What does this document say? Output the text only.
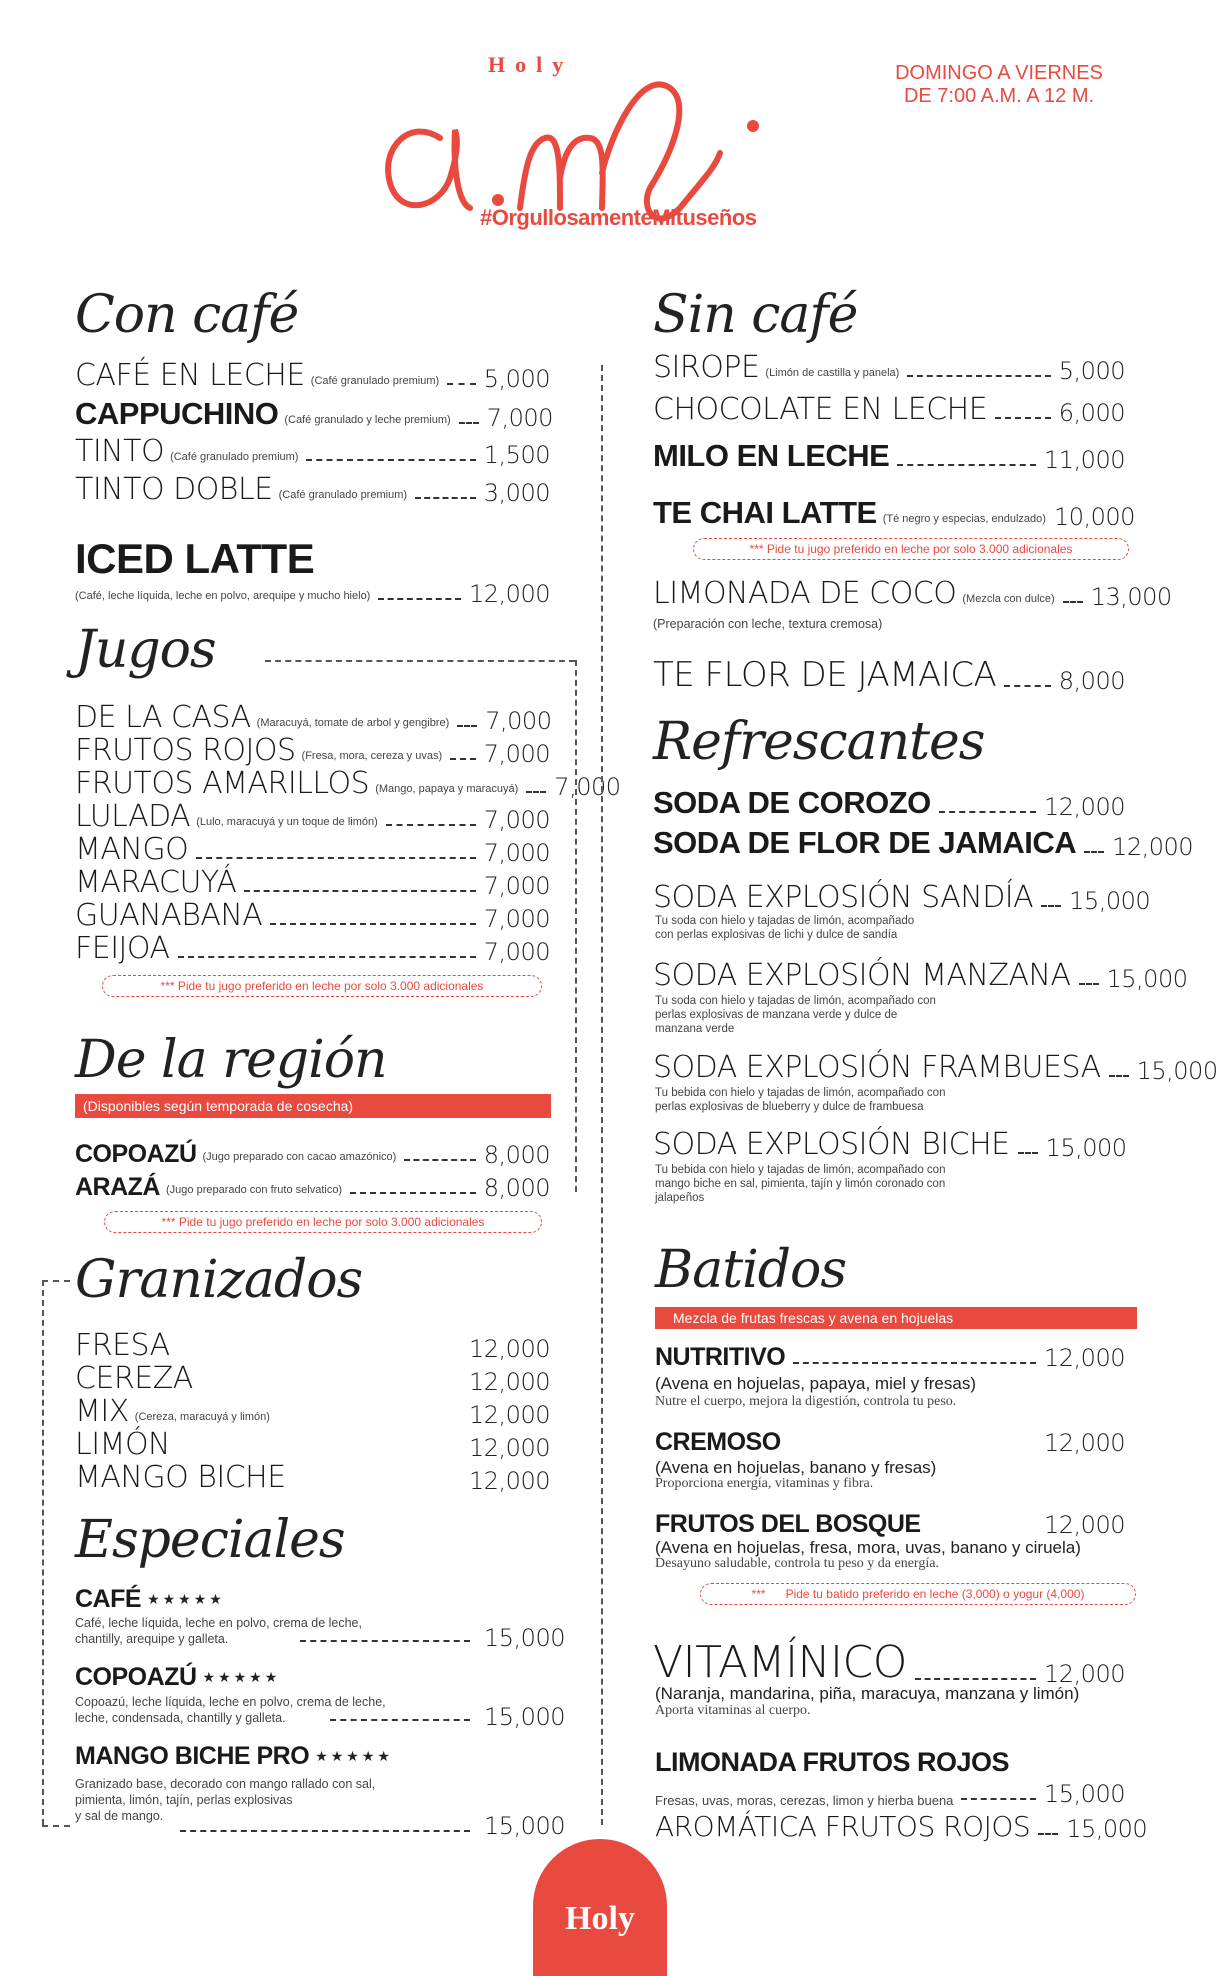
Holy
#OrgullosamenteMituseños
DOMINGO A VIERNES
DE 7:00 A.M. A 12 M.
Con café
CAFÉ EN LECHE (Café granulado premium) 5,000
CAPPUCHINO (Café granulado y leche premium) 7,000
TINTO (Café granulado premium)	1,500
TINTO DOBLE (Café granulado premium)	3,000
ICED LATTE
(Café, leche líquida, leche en polvo, arequipe y mucho hielo)	12,000
Jugos
DE LA CASA (Maracuyá, tomate de arbol y gengibre) 7,000
FRUTOS ROJOS (Fresa, mora, cereza y uvas) 7,000
FRUTOS AMARILLOS (Mango, papaya y maracuyá) 7,000
LULADA (Lulo, maracuyá y un toque de limón)	7,000
MANGO	7,000
MARACUYÁ	7,000
GUANABANA	7,000
FEIJOA	7,000
*** Pide tu jugo preferido en leche por solo 3.000 adicionales
De la región
(Disponibles según temporada de cosecha)
COPOAZÚ (Jugo preparado con cacao amazónico)	8,000
ARAZÁ (Jugo preparado con fruto selvatico)	8,000
*** Pide tu jugo preferido en leche por solo 3.000 adicionales
Granizados
FRESA	12,000
CEREZA	12,000
MIX (Cereza, maracuyá y limón)	12,000
LIMÓN	12,000
MANGO BICHE	12,000
Especiales
CAFÉ ★★★★★
Café, leche líquida, leche en polvo, crema de leche,
chantilly, arequipe y galleta.	15,000
COPOAZÚ ★★★★★
Copoazú, leche líquida, leche en polvo, crema de leche,
leche, condensada, chantilly y galleta.	15,000
MANGO BICHE PRO ★★★★★
Granizado base, decorado con mango rallado con sal,
pimienta, limón, tajín, perlas explosivas
y sal de mango.	15,000
Sin café
SIROPE (Limón de castilla y panela)	5,000
CHOCOLATE EN LECHE	6,000
MILO EN LECHE	11,000
TE CHAI LATTE (Té negro y especias, endulzado) 10,000
*** Pide tu jugo preferido en leche por solo 3.000 adicionales
LIMONADA DE COCO (Mezcla con dulce) 13,000
(Preparación con leche, textura cremosa)
TE FLOR DE JAMAICA	8,000
Refrescantes
SODA DE COROZO	12,000
SODA DE FLOR DE JAMAICA 12,000
SODA EXPLOSIÓN SANDÍA 15,000
Tu soda con hielo y tajadas de limón, acompañado
con perlas explosivas de lichi y dulce de sandía
SODA EXPLOSIÓN MANZANA 15,000
Tu soda con hielo y tajadas de limón, acompañado con
perlas explosivas de manzana verde y dulce de
manzana verde
SODA EXPLOSIÓN FRAMBUESA 15,000
Tu bebida con hielo y tajadas de limón, acompañado con
perlas explosivas de blueberry y dulce de frambuesa
SODA EXPLOSIÓN BICHE 15,000
Tu bebida con hielo y tajadas de limón, acompañado con
mango biche en sal, pimienta, tajín y limón coronado con
jalapeños
Batidos
Mezcla de frutas frescas y avena en hojuelas
NUTRITIVO	12,000
(Avena en hojuelas, papaya, miel y fresas)
Nutre el cuerpo, mejora la digestión, controla tu peso.
CREMOSO	12,000
(Avena en hojuelas, banano y fresas)
Proporciona energía, vitaminas y fibra.
FRUTOS DEL BOSQUE	12,000
(Avena en hojuelas, fresa, mora, uvas, banano y ciruela)
Desayuno saludable, controla tu peso y da energía.
*** Pide tu batido preferido en leche (3,000) o yogur (4,000)
VITAMÍNICO	12,000
(Naranja, mandarina, piña, maracuya, manzana y limón)
Aporta vitaminas al cuerpo.
LIMONADA FRUTOS ROJOS
Fresas, uvas, moras, cerezas, limon y hierba buena	15,000
AROMÁTICA FRUTOS ROJOS 15,000
Holy
